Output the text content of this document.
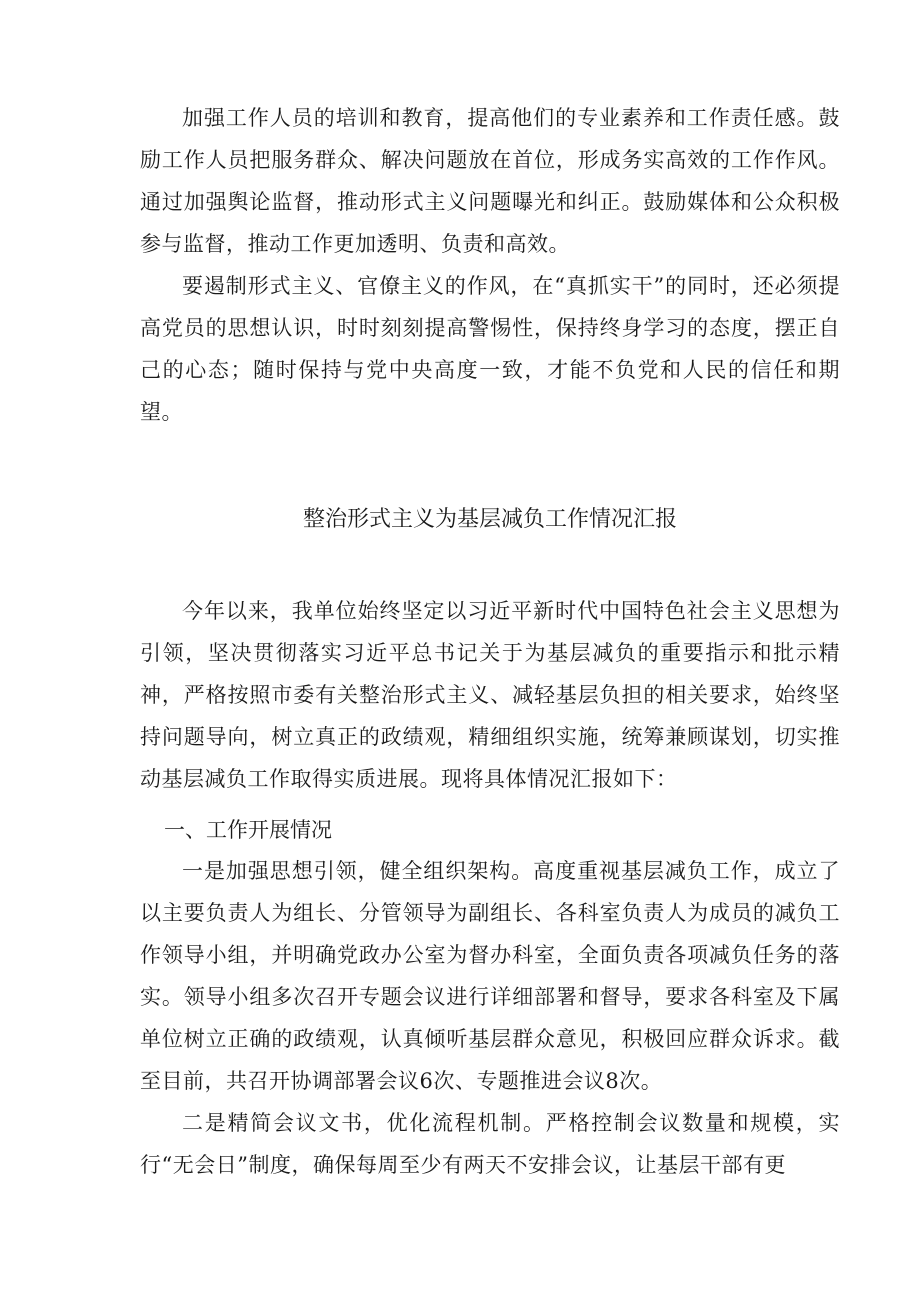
加强工作人员的培训和教育，提高他们的专业素养和工作责任感。鼓励工作人员把服务群众、解决问题放在首位，形成务实高效的工作作风。通过加强舆论监督，推动形式主义问题曝光和纠正。鼓励媒体和公众积极参与监督，推动工作更加透明、负责和高效。

要遏制形式主义、官僚主义的作风，在“真抓实干”的同时，还必须提高党员的思想认识，时时刻刻提高警惕性，保持终身学习的态度，摆正自己的心态；随时保持与党中央高度一致，才能不负党和人民的信任和期望。

整治形式主义为基层减负工作情况汇报

今年以来，我单位始终坚定以习近平新时代中国特色社会主义思想为引领，坚决贯彻落实习近平总书记关于为基层减负的重要指示和批示精神，严格按照市委有关整治形式主义、减轻基层负担的相关要求，始终坚持问题导向，树立真正的政绩观，精细组织实施，统筹兼顾谋划，切实推动基层减负工作取得实质进展。现将具体情况汇报如下：

一、工作开展情况

一是加强思想引领，健全组织架构。高度重视基层减负工作，成立了以主要负责人为组长、分管领导为副组长、各科室负责人为成员的减负工作领导小组，并明确党政办公室为督办科室，全面负责各项减负任务的落实。领导小组多次召开专题会议进行详细部署和督导，要求各科室及下属单位树立正确的政绩观，认真倾听基层群众意见，积极回应群众诉求。截至目前，共召开协调部署会议6次、专题推进会议8次。

二是精简会议文书，优化流程机制。严格控制会议数量和规模，实行“无会日”制度，确保每周至少有两天不安排会议，让基层干部有更
